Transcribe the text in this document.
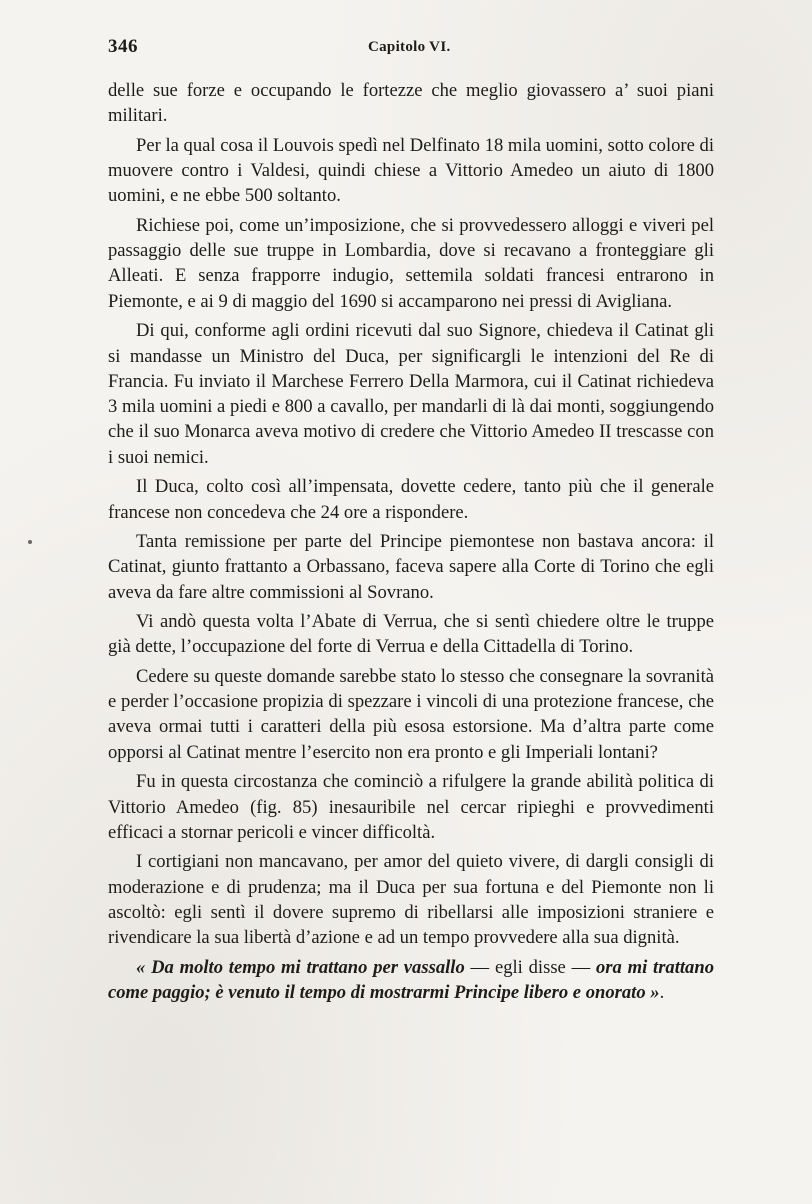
346	Capitolo VI.

delle sue forze e occupando le fortezze che meglio giovassero a’ suoi piani militari.

Per la qual cosa il Louvois spedì nel Delfinato 18 mila uomini, sotto colore di muovere contro i Valdesi, quindi chiese a Vittorio Amedeo un aiuto di 1800 uomini, e ne ebbe 500 soltanto.

Richiese poi, come un’imposizione, che si provvedessero alloggi e viveri pel passaggio delle sue truppe in Lombardia, dove si recavano a fronteggiare gli Alleati. E senza frapporre indugio, settemila soldati francesi entrarono in Piemonte, e ai 9 di maggio del 1690 si accamparono nei pressi di Avigliana.

Di qui, conforme agli ordini ricevuti dal suo Signore, chiedeva il Catinat gli si mandasse un Ministro del Duca, per significargli le intenzioni del Re di Francia. Fu inviato il Marchese Ferrero Della Marmora, cui il Catinat richiedeva 3 mila uomini a piedi e 800 a cavallo, per mandarli di là dai monti, soggiungendo che il suo Monarca aveva motivo di credere che Vittorio Amedeo II trescasse con i suoi nemici.

Il Duca, colto così all’impensata, dovette cedere, tanto più che il generale francese non concedeva che 24 ore a rispondere.

Tanta remissione per parte del Principe piemontese non bastava ancora: il Catinat, giunto frattanto a Orbassano, faceva sapere alla Corte di Torino che egli aveva da fare altre commissioni al Sovrano.

Vi andò questa volta l’Abate di Verrua, che si sentì chiedere oltre le truppe già dette, l’occupazione del forte di Verrua e della Cittadella di Torino.

Cedere su queste domande sarebbe stato lo stesso che consegnare la sovranità e perder l’occasione propizia di spezzare i vincoli di una protezione francese, che aveva ormai tutti i caratteri della più esosa estorsione. Ma d’altra parte come opporsi al Catinat mentre l’esercito non era pronto e gli Imperiali lontani?

Fu in questa circostanza che cominciò a rifulgere la grande abilità politica di Vittorio Amedeo (fig. 85) inesauribile nel cercar ripieghi e provvedimenti efficaci a stornar pericoli e vincer difficoltà.

I cortigiani non mancavano, per amor del quieto vivere, di dargli consigli di moderazione e di prudenza; ma il Duca per sua fortuna e del Piemonte non li ascoltò: egli sentì il dovere supremo di ribellarsi alle imposizioni straniere e rivendicare la sua libertà d’azione e ad un tempo provvedere alla sua dignità.

« Da molto tempo mi trattano per vassallo — egli disse — ora mi trattano come paggio; è venuto il tempo di mostrarmi Principe libero e onorato ».
